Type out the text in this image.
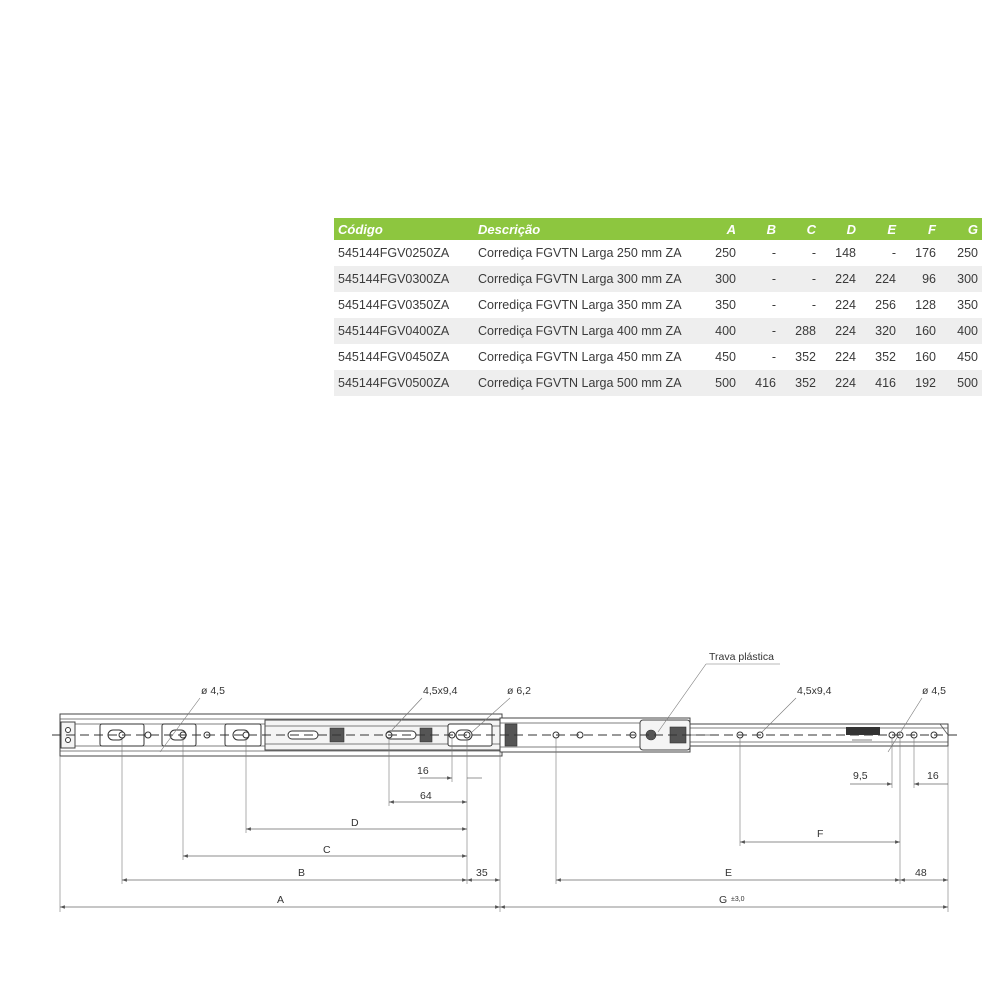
Código	Descrição	A	B	C	D	E	F	G
545144FGV0250ZA	Corrediça FGVTN Larga 250 mm ZA	250	-	-	148	-	176	250
545144FGV0300ZA	Corrediça FGVTN Larga 300 mm ZA	300	-	-	224	224	96	300
545144FGV0350ZA	Corrediça FGVTN Larga 350 mm ZA	350	-	-	224	256	128	350
545144FGV0400ZA	Corrediça FGVTN Larga 400 mm ZA	400	-	288	224	320	160	400
545144FGV0450ZA	Corrediça FGVTN Larga 450 mm ZA	450	-	352	224	352	160	450
545144FGV0500ZA	Corrediça FGVTN Larga 500 mm ZA	500	416	352	224	416	192	500
ø 4,5	4,5x9,4	ø 6,2
Trava plástica
4,5x9,4	ø 4,5
16
64
D
C
B	35
A
9,5	16
F
E	48
G ±3,0
